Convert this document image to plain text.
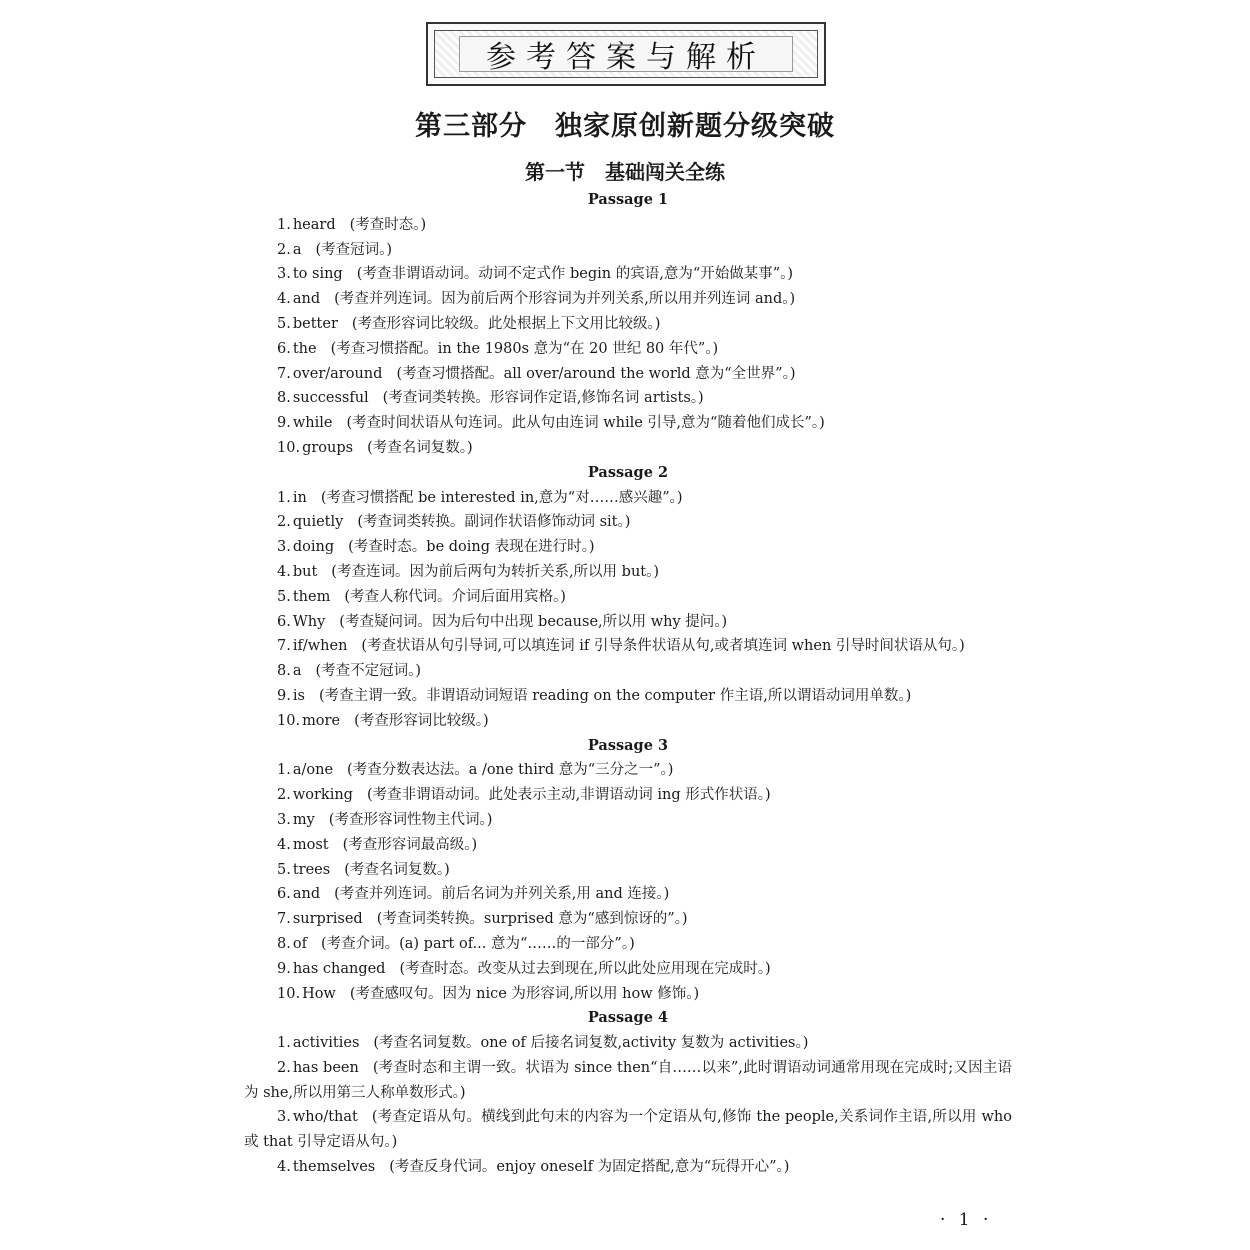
参考答案与解析
第三部分　独家原创新题分级突破
第一节　基础闯关全练
Passage 1
1. heard (考查时态。)
2. a (考查冠词。)
3. to sing (考查非谓语动词。动词不定式作 begin 的宾语,意为“开始做某事”。)
4. and (考查并列连词。因为前后两个形容词为并列关系,所以用并列连词 and。)
5. better (考查形容词比较级。此处根据上下文用比较级。)
6. the (考查习惯搭配。in the 1980s 意为“在 20 世纪 80 年代”。)
7. over/around (考查习惯搭配。all over/around the world 意为“全世界”。)
8. successful (考查词类转换。形容词作定语,修饰名词 artists。)
9. while (考查时间状语从句连词。此从句由连词 while 引导,意为“随着他们成长”。)
10. groups (考查名词复数。)
Passage 2
1. in (考查习惯搭配 be interested in,意为“对……感兴趣”。)
2. quietly (考查词类转换。副词作状语修饰动词 sit。)
3. doing (考查时态。be doing 表现在进行时。)
4. but (考查连词。因为前后两句为转折关系,所以用 but。)
5. them (考查人称代词。介词后面用宾格。)
6. Why (考查疑问词。因为后句中出现 because,所以用 why 提问。)
7. if/when (考查状语从句引导词,可以填连词 if 引导条件状语从句,或者填连词 when 引导时间状语从句。)
8. a (考查不定冠词。)
9. is (考查主谓一致。非谓语动词短语 reading on the computer 作主语,所以谓语动词用单数。)
10. more (考查形容词比较级。)
Passage 3
1. a/one (考查分数表达法。a /one third 意为“三分之一”。)
2. working (考查非谓语动词。此处表示主动,非谓语动词 ing 形式作状语。)
3. my (考查形容词性物主代词。)
4. most (考查形容词最高级。)
5. trees (考查名词复数。)
6. and (考查并列连词。前后名词为并列关系,用 and 连接。)
7. surprised (考查词类转换。surprised 意为“感到惊讶的”。)
8. of (考查介词。(a) part of... 意为“……的一部分”。)
9. has changed (考查时态。改变从过去到现在,所以此处应用现在完成时。)
10. How (考查感叹句。因为 nice 为形容词,所以用 how 修饰。)
Passage 4
1. activities (考查名词复数。one of 后接名词复数,activity 复数为 activities。)
2. has been (考查时态和主谓一致。状语为 since then“自……以来”,此时谓语动词通常用现在完成时;又因主语为 she,所以用第三人称单数形式。)
3. who/that (考查定语从句。横线到此句末的内容为一个定语从句,修饰 the people,关系词作主语,所以用 who 或 that 引导定语从句。)
4. themselves (考查反身代词。enjoy oneself 为固定搭配,意为“玩得开心”。)
· 1 ·
